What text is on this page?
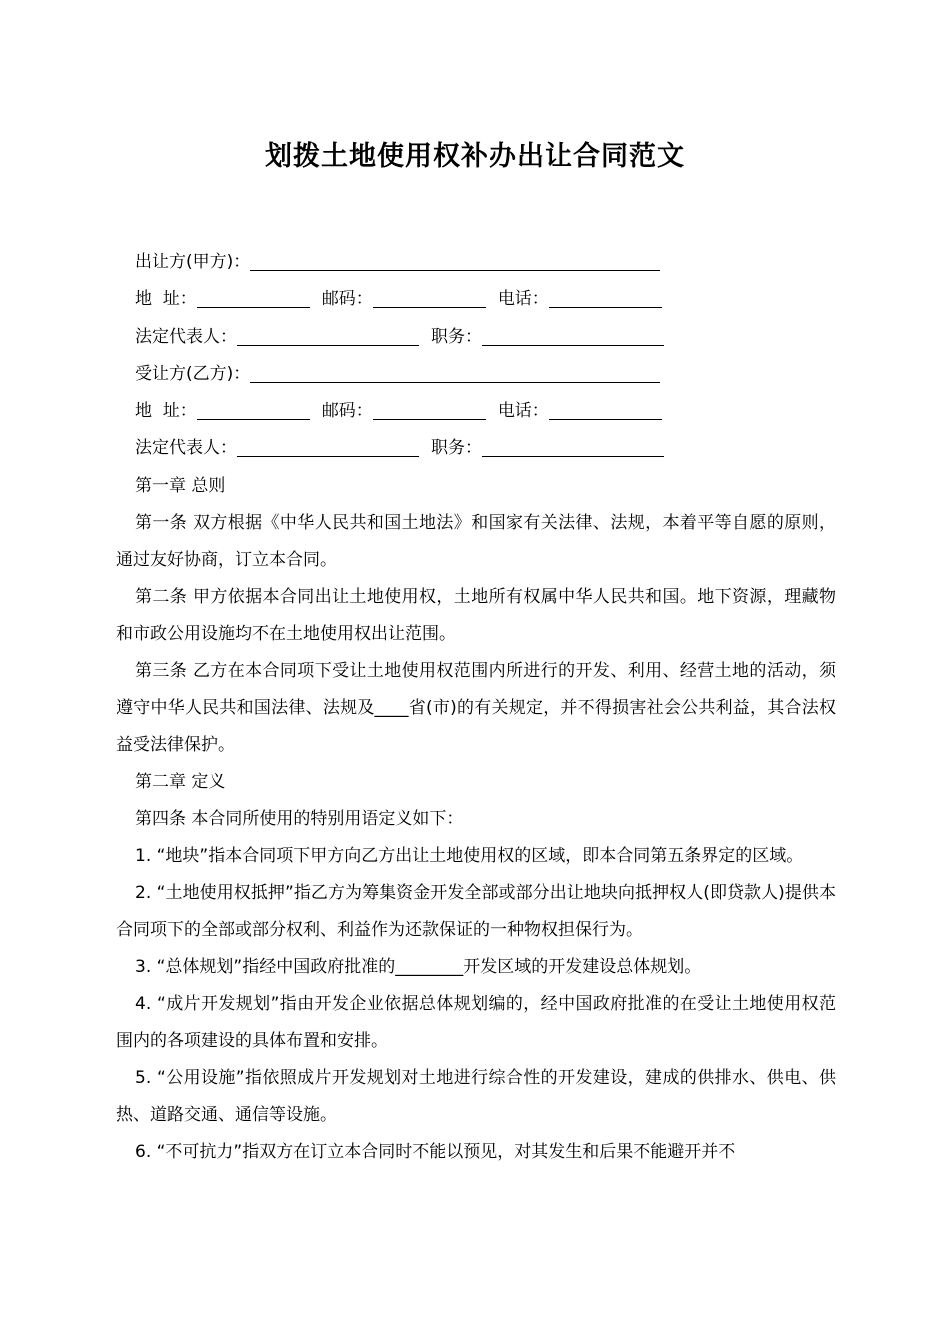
划拨土地使用权补办出让合同范文
出让方(甲方)：
地  址：	邮码：	电话：
法定代表人：	职务：
受让方(乙方)：
地  址：	邮码：	电话：
法定代表人：	职务：

第一章 总则

第一条 双方根据《中华人民共和国土地法》和国家有关法律、法规，本着平等自愿的原则，通过友好协商，订立本合同。

第二条 甲方依据本合同出让土地使用权，土地所有权属中华人民共和国。地下资源，理藏物和市政公用设施均不在土地使用权出让范围。

第三条 乙方在本合同项下受让土地使用权范围内所进行的开发、利用、经营土地的活动，须遵守中华人民共和国法律、法规及____省(市)的有关规定，并不得损害社会公共利益，其合法权益受法律保护。

第二章 定义

第四条 本合同所使用的特别用语定义如下：

1. “地块”指本合同项下甲方向乙方出让土地使用权的区域，即本合同第五条界定的区域。

2. “土地使用权抵押”指乙方为筹集资金开发全部或部分出让地块向抵押权人(即贷款人)提供本合同项下的全部或部分权利、利益作为还款保证的一种物权担保行为。

3. “总体规划”指经中国政府批准的________开发区域的开发建设总体规划。

4. “成片开发规划”指由开发企业依据总体规划编的，经中国政府批准的在受让土地使用权范围内的各项建设的具体布置和安排。

5. “公用设施”指依照成片开发规划对土地进行综合性的开发建设，建成的供排水、供电、供热、道路交通、通信等设施。

6. “不可抗力”指双方在订立本合同时不能以预见，对其发生和后果不能避开并不
